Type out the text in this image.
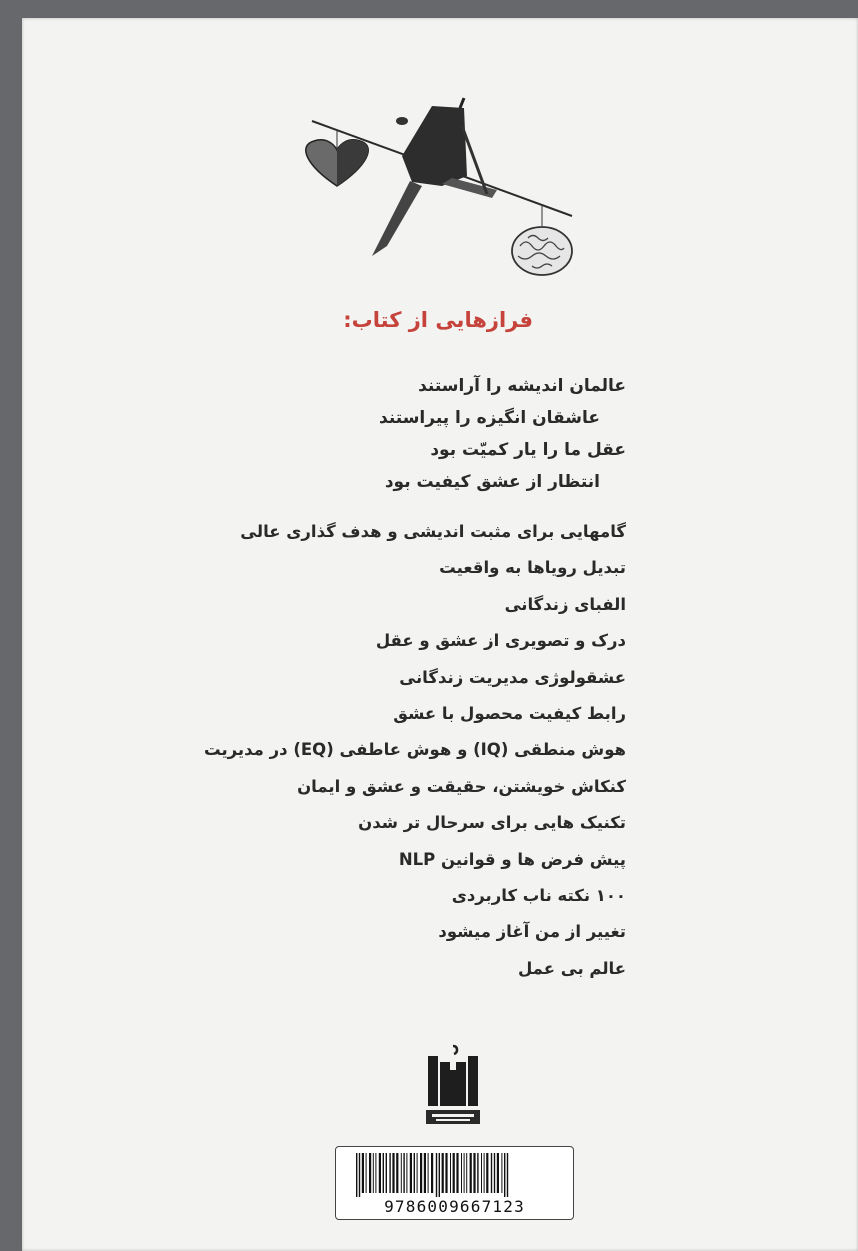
فرازهایی از کتاب:
عالمان اندیشه را آراستند
عاشقان انگیزه را پیراستند
عقل ما را یار کمیّت بود
انتظار از عشق کیفیت بود
گامهایی برای مثبت اندیشی و هدف گذاری عالی
تبدیل رویاها به واقعیت
الفبای زندگانی
درک و تصویری از عشق و عقل
عشقولوژی مدیریت زندگانی
رابط کیفیت محصول با عشق
هوش منطقی (IQ) و هوش عاطفی (EQ) در مدیریت
کنکاش خویشتن، حقیقت و عشق و ایمان
تکنیک هایی برای سرحال تر شدن
پیش فرض ها و قوانین NLP
۱۰۰ نکته ناب کاربردی
تغییر از من آغاز میشود
عالم بی عمل
9786009667123
